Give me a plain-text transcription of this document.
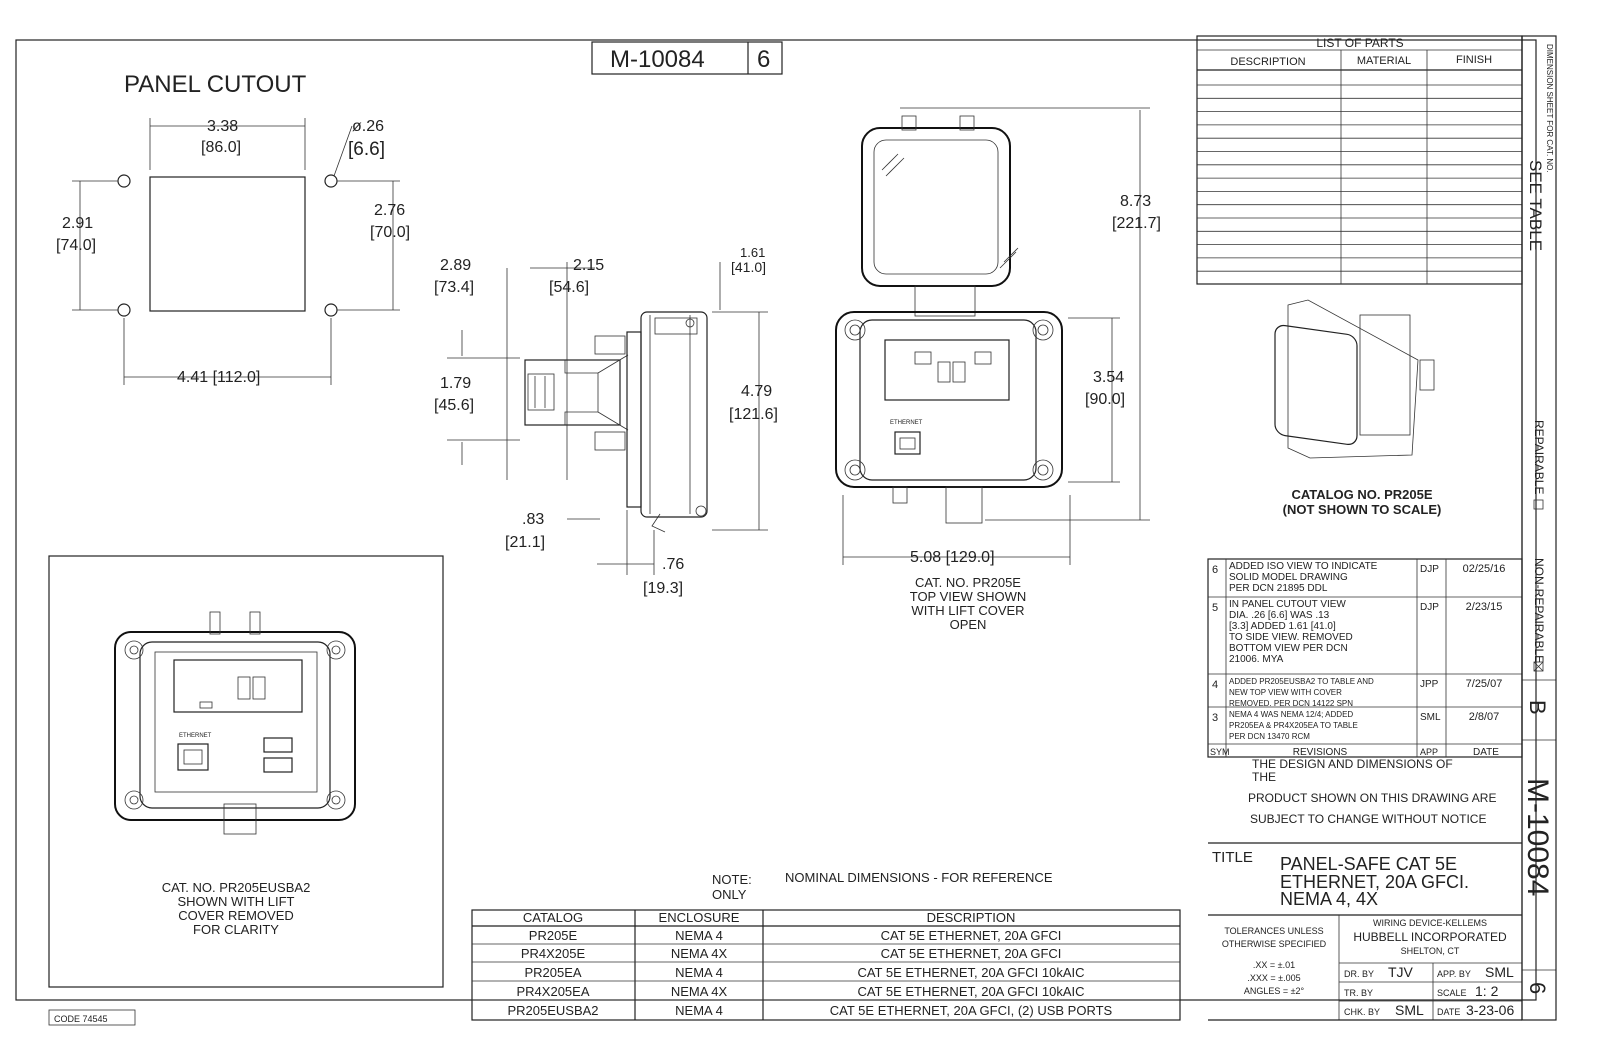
M-10084 6
PANEL CUTOUT
3.38
[86.0]
ø.26
[6.6]
2.91
[74.0]
2.76
[70.0]
4.41 [112.0]
2.89
[73.4]
2.15
[54.6]
1.61
[41.0]
1.79
[45.6]
4.79
[121.6]
.83
[21.1]
.76
[19.3]
ETHERNET
8.73
[221.7]
3.54
[90.0]
5.08 [129.0]
CAT. NO. PR205E
TOP VIEW SHOWN
WITH LIFT COVER
OPEN
ETHERNET
CAT. NO. PR205EUSBA2
SHOWN WITH LIFT
COVER REMOVED
FOR CLARITY
NOTE:	NOMINAL DIMENSIONS - FOR REFERENCE
ONLY
CATALOG	ENCLOSURE	DESCRIPTION
PR205E	NEMA 4	CAT 5E ETHERNET, 20A GFCI
PR4X205E	NEMA 4X	CAT 5E ETHERNET, 20A GFCI
PR205EA	NEMA 4	CAT 5E ETHERNET, 20A GFCI 10kAIC
PR4X205EA	NEMA 4X	CAT 5E ETHERNET, 20A GFCI 10kAIC
PR205EUSBA2	NEMA 4	CAT 5E ETHERNET, 20A GFCI, (2) USB PORTS
CODE 74545
LIST OF PARTS
DESCRIPTION	MATERIAL	FINISH
CATALOG NO. PR205E
(NOT SHOWN TO SCALE)
6 ADDED ISO VIEW TO INDICATE
SOLID MODEL DRAWING
PER DCN 21895 DDL
DJP 02/25/16
5 IN PANEL CUTOUT VIEW
DIA. .26 [6.6] WAS .13
[3.3] ADDED 1.61 [41.0]
TO SIDE VIEW. REMOVED
BOTTOM VIEW PER DCN
21006. MYA
DJP 2/23/15
4 ADDED PR205EUSBA2 TO TABLE AND
NEW TOP VIEW WITH COVER
REMOVED. PER DCN 14122 SPN
JPP 7/25/07
3 NEMA 4 WAS NEMA 12/4; ADDED
PR205EA & PR4X205EA TO TABLE
PER DCN 13470 RCM
SML	2/8/07
SYM	REVISIONS	APP	DATE
THE DESIGN AND DIMENSIONS OF
THE
PRODUCT SHOWN ON THIS DRAWING ARE
SUBJECT TO CHANGE WITHOUT NOTICE
TITLE PANEL-SAFE CAT 5E
ETHERNET, 20A GFCI.
NEMA 4, 4X
TOLERANCES UNLESS
OTHERWISE SPECIFIED
.XX = ±.01
.XXX = ±.005
ANGLES = ±2°
WIRING DEVICE-KELLEMS
HUBBELL INCORPORATED
SHELTON, CT
DR. BY TJV	APP. BY SML
TR. BY	SCALE 1: 2
CHK. BY SML DATE 3-23-06
DIMENSION SHEET FOR CAT. NO.
SEE TABLE
REPAIRABLE
NON-REPAIRABLE
B
M-10084
6
